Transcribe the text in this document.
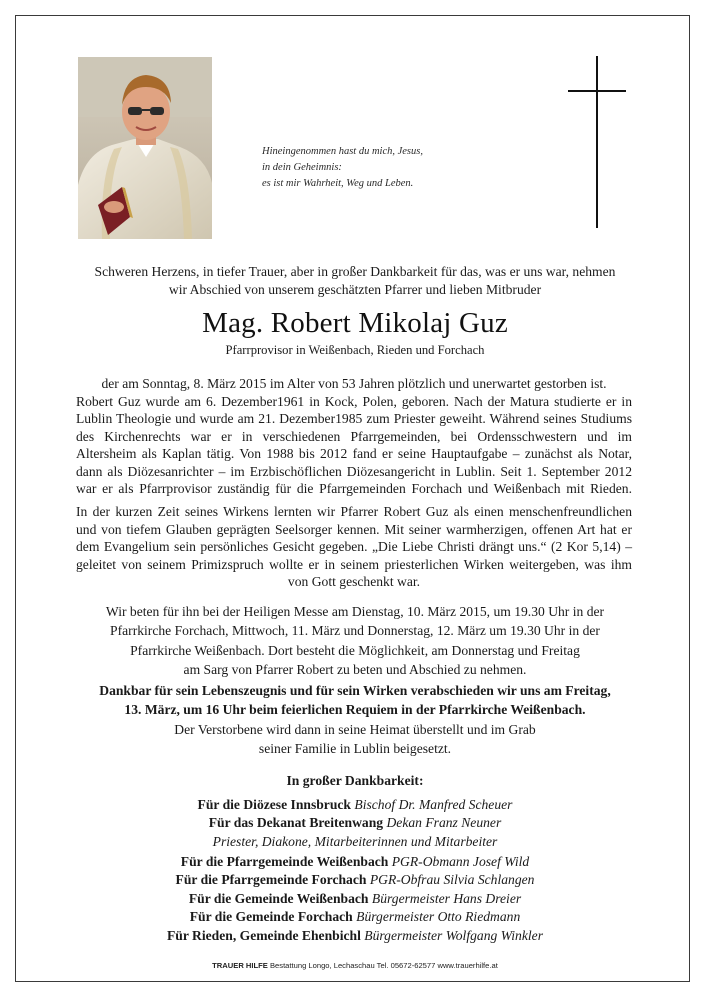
Hineingenommen hast du mich, Jesus,
in dein Geheimnis:
es ist mir Wahrheit, Weg und Leben.
Schweren Herzens, in tiefer Trauer, aber in großer Dankbarkeit für das, was er uns war, nehmen
wir Abschied von unserem geschätzten Pfarrer und lieben Mitbruder
Mag. Robert Mikolaj Guz
Pfarrprovisor in Weißenbach, Rieden und Forchach
der am Sonntag, 8. März 2015 im Alter von 53 Jahren plötzlich und unerwartet gestorben ist.
Robert Guz wurde am 6. Dezember1961 in Kock, Polen, geboren. Nach der Matura studierte er in
Lublin Theologie und wurde am 21. Dezember1985 zum Priester geweiht. Während seines Studiums
des Kirchenrechts war er in verschiedenen Pfarrgemeinden, bei Ordensschwestern und im
Altersheim als Kaplan tätig. Von 1988 bis 2012 fand er seine Hauptaufgabe – zunächst als Notar,
dann als Diözesanrichter – im Erzbischöflichen Diözesangericht in Lublin. Seit 1. September 2012
war er als Pfarrprovisor zuständig für die Pfarrgemeinden Forchach und Weißenbach mit Rieden.
In der kurzen Zeit seines Wirkens lernten wir Pfarrer Robert Guz als einen menschenfreundlichen
und von tiefem Glauben geprägten Seelsorger kennen. Mit seiner warmherzigen, offenen Art hat er
dem Evangelium sein persönliches Gesicht gegeben. „Die Liebe Christi drängt uns.“ (2 Kor 5,14) –
geleitet von seinem Primizspruch wollte er in seinem priesterlichen Wirken weitergeben, was ihm
von Gott geschenkt war.
Wir beten für ihn bei der Heiligen Messe am Dienstag, 10. März 2015, um 19.30 Uhr in der
Pfarrkirche Forchach, Mittwoch, 11. März und Donnerstag, 12. März um 19.30 Uhr in der
Pfarrkirche Weißenbach. Dort besteht die Möglichkeit, am Donnerstag und Freitag
am Sarg von Pfarrer Robert zu beten und Abschied zu nehmen.
Dankbar für sein Lebenszeugnis und für sein Wirken verabschieden wir uns am Freitag,
13. März, um 16 Uhr beim feierlichen Requiem in der Pfarrkirche Weißenbach.
Der Verstorbene wird dann in seine Heimat überstellt und im Grab
seiner Familie in Lublin beigesetzt.
In großer Dankbarkeit:
Für die Diözese Innsbruck Bischof Dr. Manfred Scheuer
Für das Dekanat Breitenwang Dekan Franz Neuner
Priester, Diakone, Mitarbeiterinnen und Mitarbeiter
Für die Pfarrgemeinde Weißenbach PGR-Obmann Josef Wild
Für die Pfarrgemeinde Forchach PGR-Obfrau Silvia Schlangen
Für die Gemeinde Weißenbach Bürgermeister Hans Dreier
Für die Gemeinde Forchach Bürgermeister Otto Riedmann
Für Rieden, Gemeinde Ehenbichl Bürgermeister Wolfgang Winkler
TRAUER HILFE Bestattung Longo, Lechaschau Tel. 05672-62577 www.trauerhilfe.at
